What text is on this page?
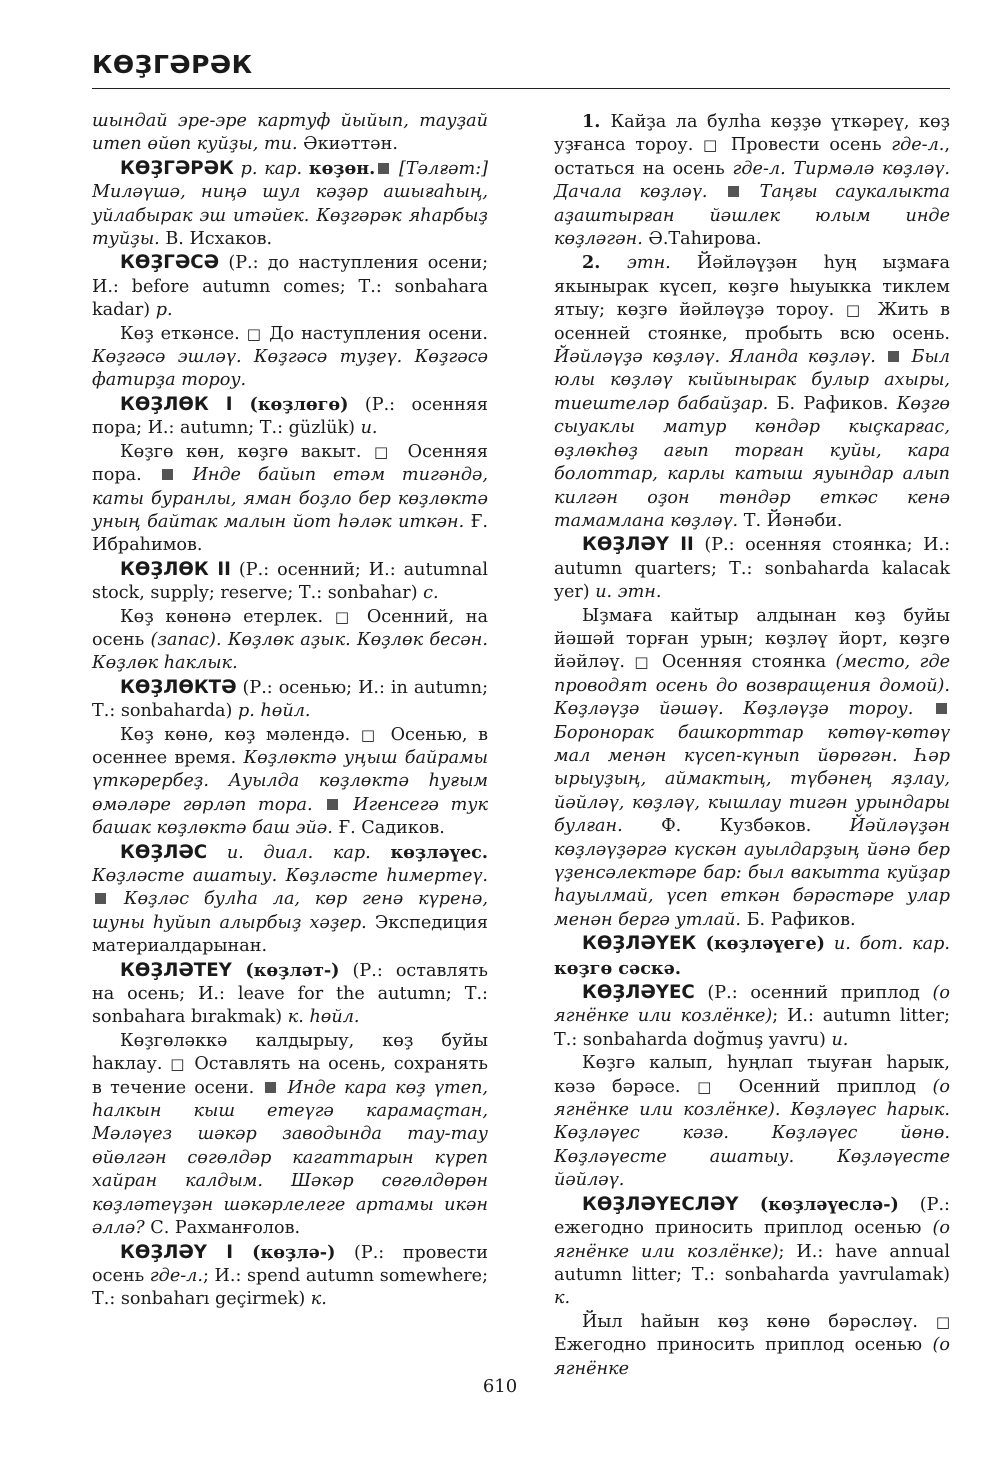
КӨҘГӘРӘК

шындай эре-эре картуф йыйып, тауҙай итеп өйөп куйҙы, ти. Әкиәттән.

КӨҘГӘРӘК р. кар. көҙөн. [Тәлғәт:] Миләүшә, ниңә шул кәҙәр ашығаһың, уйлабырак эш итәйек. Көҙгәрәк яһарбыҙ туйҙы. В. Исхаков.

КӨҘГӘСӘ (Р.: до наступления осени; И.: before autumn comes; Т.: sonbahara kadar) р.

Көҙ еткәнсе. □ До наступления осени. Көҙгәсә эшләү. Көҙгәсә туҙеү. Көҙгәсә фатирҙа тороу.

КӨҘЛӨК I (көҙлөгө) (Р.: осенняя пора; И.: autumn; Т.: güzlük) и.

Көҙгө көн, көҙгө вакыт. □ Осенняя пора.  Инде байып етәм тигәндә, каты буранлы, яман боҙло бер көҙлөктә уның байтак малын йот һәләк иткән. Ғ. Ибраһимов.

КӨҘЛӨК II (Р.: осенний; И.: autumnal stock, supply; reserve; Т.: sonbahar) с.

Көҙ көнөнә етерлек. □ Осенний, на осень (запас). Көҙлөк аҙык. Көҙлөк бесән. Көҙлөк һаклык.

КӨҘЛӨКТӘ (Р.: осенью; И.: in autumn; Т.: sonbaharda) р. һөйл.

Көҙ көнө, көҙ мәлендә. □ Осенью, в осеннее время. Көҙлөктә уңыш байрамы үткәрербеҙ. Ауылда көҙлөктә һуғым өмәләре гөрләп тора.  Игенсегә тук башак көҙлөктә баш эйә. Ғ. Садиков.

КӨҘЛӘС и. диал. кар. көҙләүес. Көҙләсте ашатыу. Көҙләсте һимертеү.  Көҙләс булһа ла, көр генә күренә, шуны һуйып алырбыҙ хәҙер. Экспедиция материалдарынан.

КӨҘЛӘТЕҮ (көҙләт-) (Р.: оставлять на осень; И.: leave for the autumn; Т.: sonbahara bırakmak) к. һөйл.

Көҙгөләккә калдырыу, көҙ буйы һаклау. □ Оставлять на осень, сохранять в течение осени.  Инде кара көҙ үтеп, һалкын кыш етеүгә карамаҫтан, Мәләүез шәкәр заводында тау-тау өйөлгән сөгөлдәр кагаттарын күреп хайран калдым. Шәкәр сөгөлдөрөн көҙләтеүҙән шәкәрлелеге артамы икән әллә? С. Рахманғолов.

КӨҘЛӘҮ I (көҙлә-) (Р.: провести осень где-л.; И.: spend autumn somewhere; Т.: sonbaharı geçirmek) к.

1. Кайҙа ла булһа көҙҙө үткәреү, көҙ уҙғанса тороу. □ Провести осень где-л., остаться на осень где-л. Тирмәлә көҙләү. Дачала көҙләү.  Таңғы саукалыкта аҙаштырған йәшлек юлым инде көҙләгән. Ә.Таһирова.

2. этн. Йәйләүҙән һуң ыҙмаға якынырак күсеп, көҙгө һыуыкка тиклем ятыу; көҙгө йәйләүҙә тороу. □ Жить в осенней стоянке, пробыть всю осень. Йәйләүҙә көҙләү. Яланда көҙләү.  Был юлы көҙләү кыйынырак булыр ахыры, тиештеләр бабайҙар. Б. Рафиков. Көҙгө сыуаклы матур көндәр кыҫкарғас, өҙлөкһөҙ ағып торған куйы, кара болоттар, карлы катыш яуындар алып килгән оҙон төндәр еткәс кенә тамамлана көҙләү. Т. Йәнәби.

КӨҘЛӘҮ II (Р.: осенняя стоянка; И.: autumn quarters; Т.: sonbaharda kalacak yer) и. этн.

Ыҙмаға кайтыр алдынан көҙ буйы йәшәй торған урын; көҙләү йорт, көҙгө йәйләү. □ Осенняя стоянка (место, где проводят осень до возвращения домой). Көҙләүҙә йәшәү. Көҙләүҙә тороу.  Боронорак башкорттар көтөү-көтөү мал менән күсеп-күнып йөрөгән. Һәр ырыуҙың, аймактың, түбәнең яҙлау, йәйләү, көҙләү, кышлау тигән урындары булған. Ф. Кузбәков. Йәйләүҙән көҙләүҙәргә күскән ауылдарҙың йәнә бер үҙенсәлектәре бар: был вакытта куйҙар һауылмай, үсеп еткән бәрәстәре улар менән бергә утлай. Б. Рафиков.

КӨҘЛӘҮЕК (көҙләүеге) и. бот. кар. көҙгө сәскә.

КӨҘЛӘҮЕС (Р.: осенний приплод (о ягнёнке или козлёнке); И.: autumn litter; Т.: sonbaharda doğmuş yavru) и.

Көҙгә калып, һуңлап тыуған һарык, кәзә бәрәсе. □ Осенний приплод (о ягнёнке или козлёнке). Көҙләүес һарык. Көҙләүес кәзә. Көҙләүес йөнө. Көҙләүесте ашатыу. Көҙләүесте йәйләү.

КӨҘЛӘҮЕСЛӘҮ (көҙләүеслә-) (Р.: ежегодно приносить приплод осенью (о ягнёнке или козлёнке); И.: have annual autumn litter; Т.: sonbaharda yavrulamak) к.

Йыл һайын көҙ көнө бәрәсләү. □ Ежегодно приносить приплод осенью (о ягнёнке

610
